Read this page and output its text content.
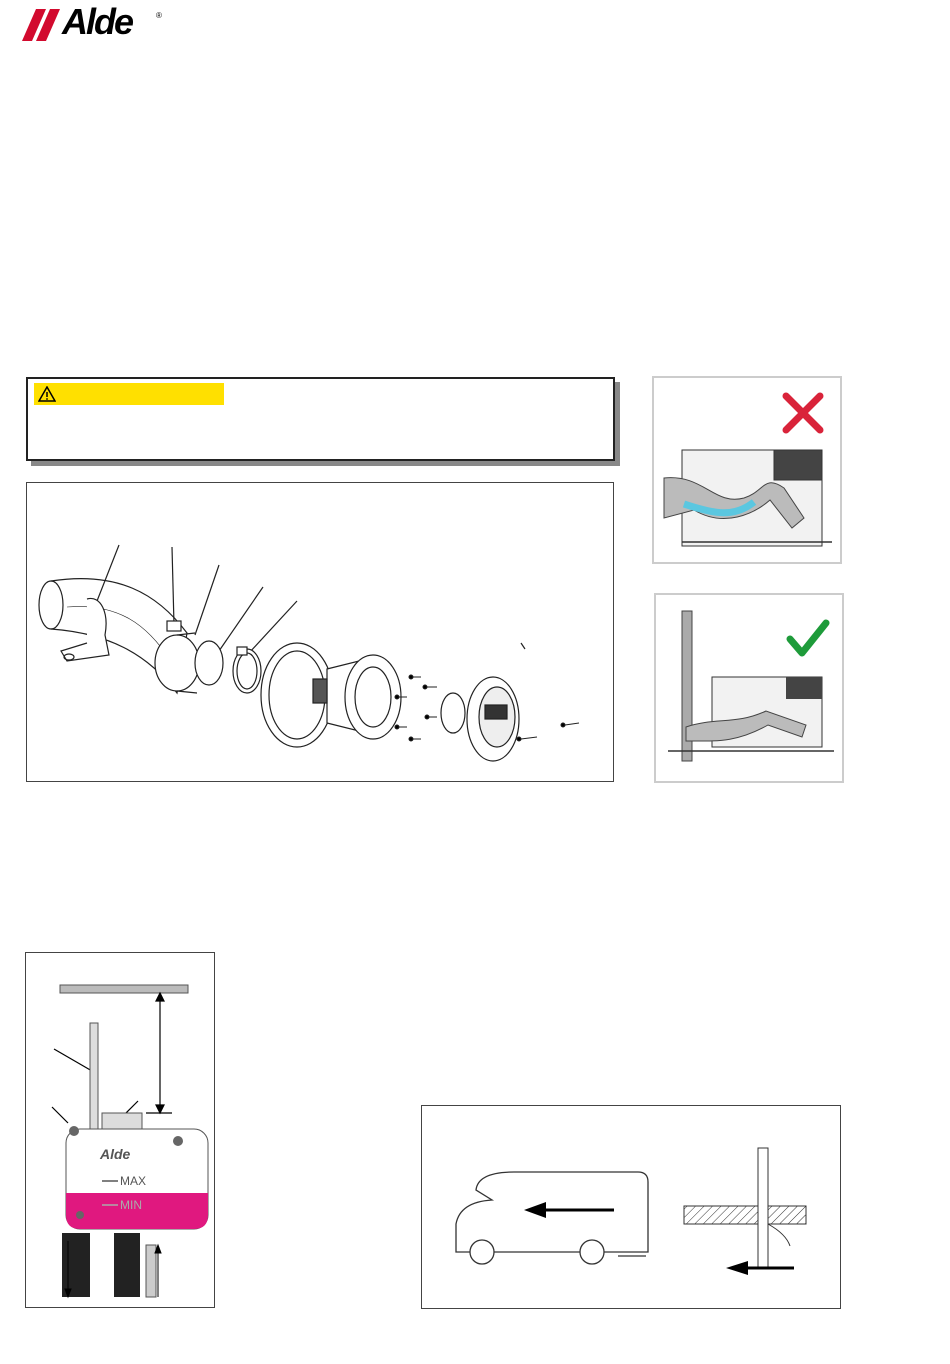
Alde	®
Alde
MAX
MIN
